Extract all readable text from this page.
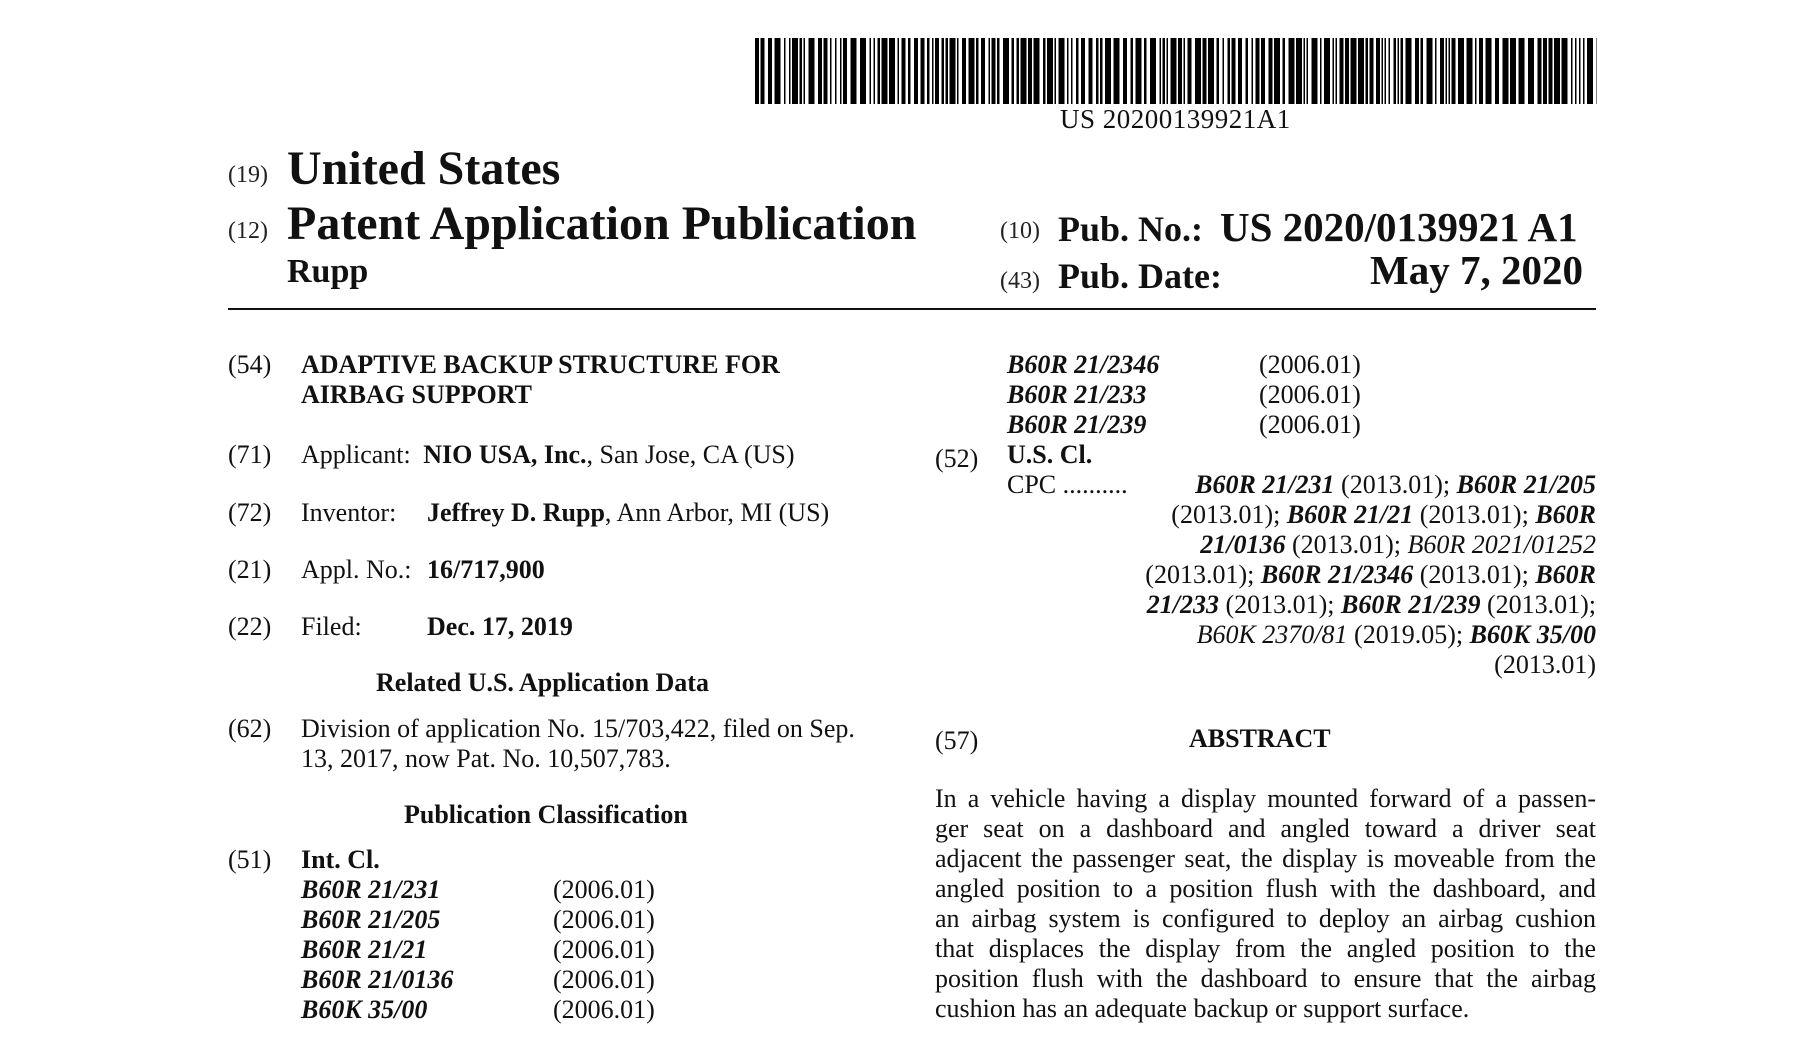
US 20200139921A1
(19) United States
(12) Patent Application Publication
Rupp
(10) Pub. No.: US 2020/0139921 A1
(43) Pub. Date:	May 7, 2020
(54) ADAPTIVE BACKUP STRUCTURE FOR
AIRBAG SUPPORT
(71) Applicant: NIO USA, Inc., San Jose, CA (US)
(72) Inventor: Jeffrey D. Rupp, Ann Arbor, MI (US)
(21) Appl. No.: 16/717,900
(22) Filed:	Dec. 17, 2019
Related U.S. Application Data
(62) Division of application No. 15/703,422, filed on Sep.
13, 2017, now Pat. No. 10,507,783.
Publication Classification
(51) Int. Cl.
B60R 21/231	(2006.01)
B60R 21/205	(2006.01)
B60R 21/21	(2006.01)
B60R 21/0136	(2006.01)
B60K 35/00	(2006.01)
B60R 21/2346	(2006.01)
B60R 21/233	(2006.01)
B60R 21/239	(2006.01)
(52) U.S. Cl.
CPC ..........	B60R 21/231 (2013.01); B60R 21/205
(2013.01); B60R 21/21 (2013.01); B60R
21/0136 (2013.01); B60R 2021/01252
(2013.01); B60R 21/2346 (2013.01); B60R
21/233 (2013.01); B60R 21/239 (2013.01);
B60K 2370/81 (2019.05); B60K 35/00
(2013.01)
(57)	ABSTRACT
In a vehicle having a display mounted forward of a passen-
ger seat on a dashboard and angled toward a driver seat
adjacent the passenger seat, the display is moveable from the
angled position to a position flush with the dashboard, and
an airbag system is configured to deploy an airbag cushion
that displaces the display from the angled position to the
position flush with the dashboard to ensure that the airbag
cushion has an adequate backup or support surface.
